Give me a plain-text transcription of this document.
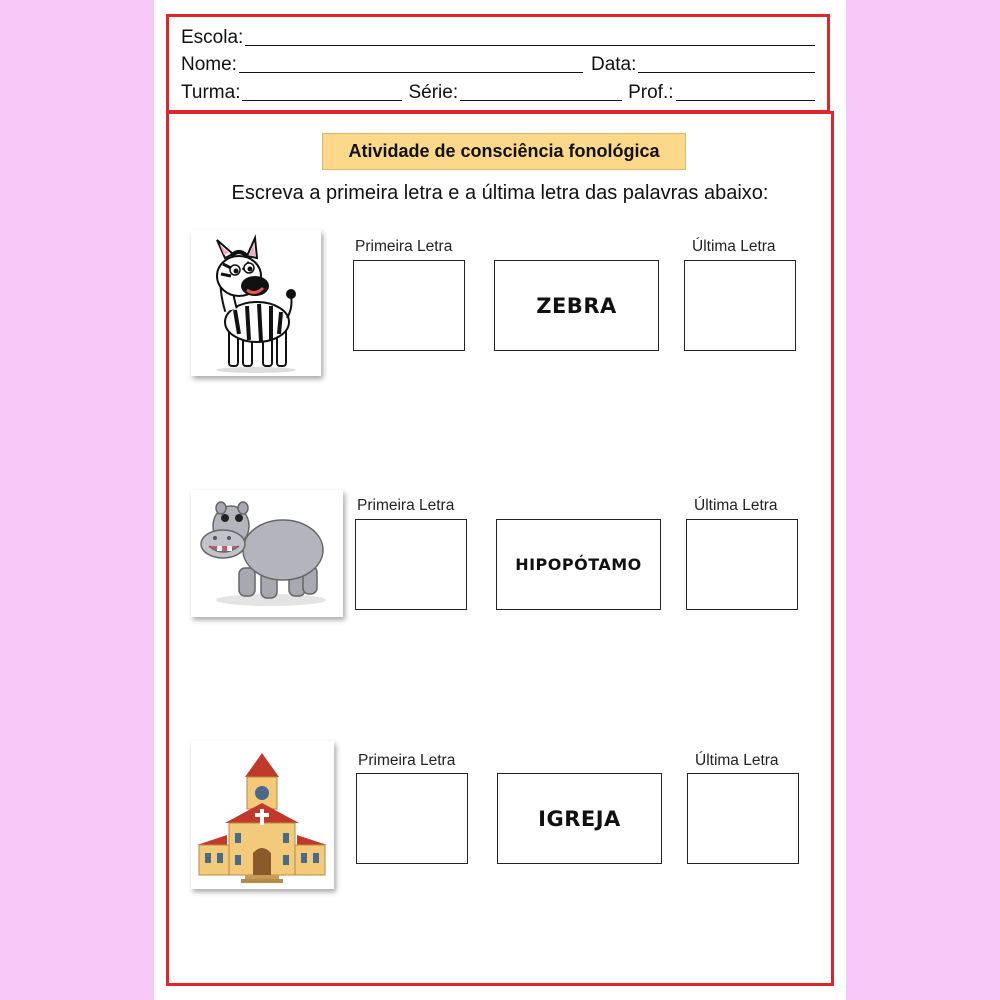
Escola:
Nome:	Data:
Turma:	Série:	Prof.:
Atividade de consciência fonológica
Escreva a primeira letra e a última letra das palavras abaixo:
Primeira Letra	Última Letra
ZEBRA
Primeira Letra	Última Letra
HIPOPÓTAMO
Primeira Letra	Última Letra
IGREJA
